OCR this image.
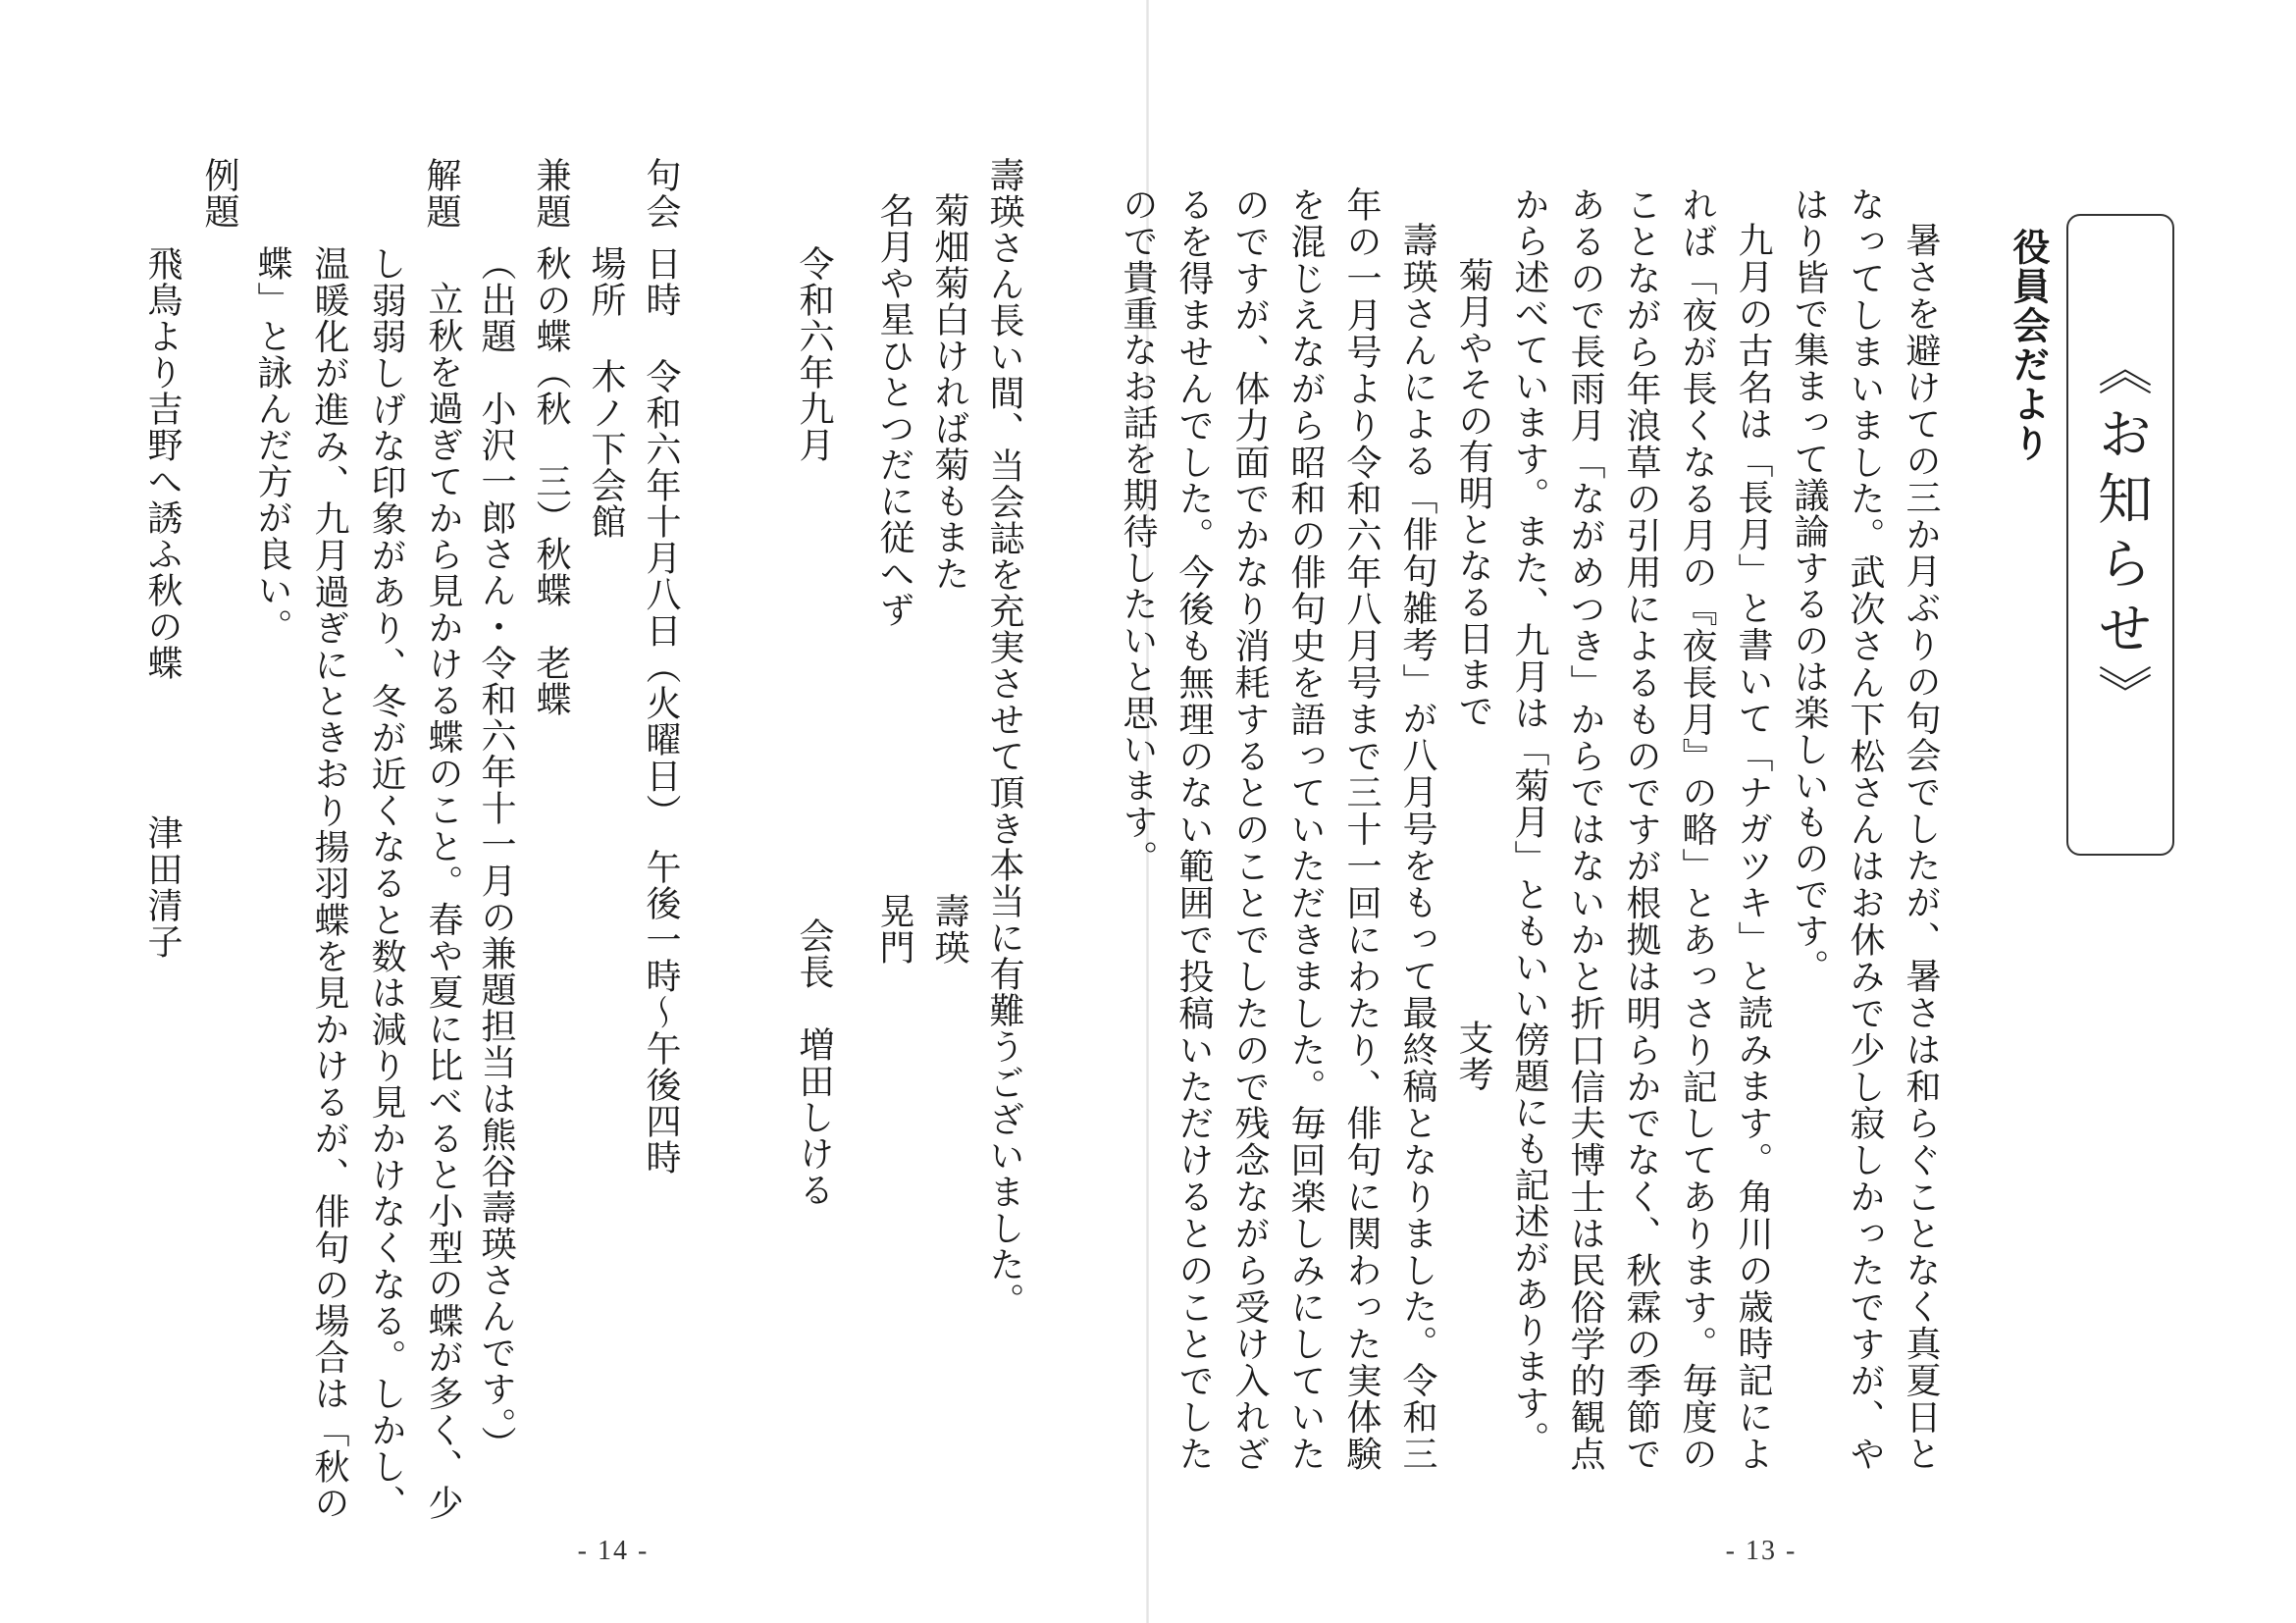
《お知らせ》
役員会だより
暑さを避けての三か月ぶりの句会でしたが、暑さは和らぐことなく真夏日となってしまいました。武次さん下松さんはお休みで少し寂しかったですが、やはり皆で集まって議論するのは楽しいものです。
九月の古名は「長月」と書いて「ナガツキ」と読みます。角川の歳時記によれば「夜が長くなる月の『夜長月』の略」とあっさり記してあります。毎度のことながら年浪草の引用によるものですが根拠は明らかでなく、秋霖の季節であるので長雨月「ながめつき」からではないかと折口信夫博士は民俗学的観点から述べています。また、九月は「菊月」ともいい傍題にも記述があります。
菊月やその有明となる日まで支考
壽瑛さんによる「俳句雑考」が八月号をもって最終稿となりました。令和三年の一月号より令和六年八月号まで三十一回にわたり、俳句に関わった実体験を混じえながら昭和の俳句史を語っていただきました。毎回楽しみにしていたのですが、体力面でかなり消耗するとのことでしたので残念ながら受け入れざるを得ませんでした。今後も無理のない範囲で投稿いただけるとのことでしたので貴重なお話を期待したいと思います。
- 13 -
壽瑛さん長い間、当会誌を充実させて頂き本当に有難うございました。
菊畑菊白ければ菊もまた
壽瑛
名月や星ひとつだに従へず
晃門
令和六年九月
会長　増田しける
句会
日時
令和六年十月八日（火曜日）　午後一時～午後四時
場所
木ノ下会館
兼題
秋の蝶（秋　三）秋蝶　老蝶
（出題　小沢一郎さん・令和六年十一月の兼題担当は熊谷壽瑛さんです。）
解題
立秋を過ぎてから見かける蝶のこと。春や夏に比べると小型の蝶が多く、少し弱弱しげな印象があり、冬が近くなると数は減り見かけなくなる。しかし、温暖化が進み、九月過ぎにときおり揚羽蝶を見かけるが、俳句の場合は「秋の蝶」と詠んだ方が良い。
例題
飛鳥より吉野へ誘ふ秋の蝶
津田清子
- 14 -
